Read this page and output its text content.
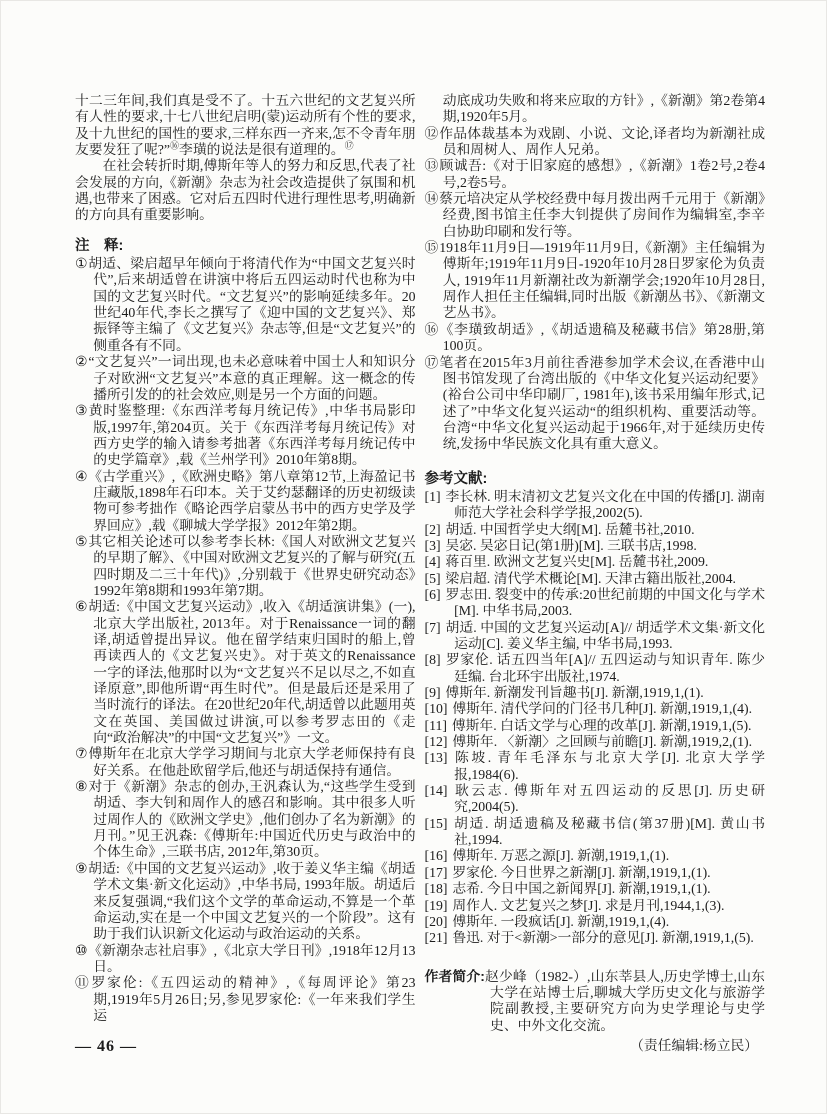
十二三年间,我们真是受不了。十五六世纪的文艺复兴所有人性的要求,十七八世纪启明(蒙)运动所有个性的要求,及十九世纪的国性的要求,三样东西一齐来,怎不令青年朋友要发狂了呢?”⑯李璜的说法是很有道理的。⑰

在社会转折时期,傅斯年等人的努力和反思,代表了社会发展的方向,《新潮》杂志为社会改造提供了氛围和机遇,也带来了困惑。它对后五四时代进行理性思考,明确新的方向具有重要影响。

注　释:

①胡适、梁启超早年倾向于将清代作为“中国文艺复兴时代”,后来胡适曾在讲演中将后五四运动时代也称为中国的文艺复兴时代。“文艺复兴”的影响延续多年。20世纪40年代,李长之撰写了《迎中国的文艺复兴》、郑振铎等主编了《文艺复兴》杂志等,但是“文艺复兴”的侧重各有不同。

②“文艺复兴”一词出现,也未必意味着中国士人和知识分子对欧洲“文艺复兴”本意的真正理解。这一概念的传播所引发的的社会效应,则是另一个方面的问题。

③黄时鉴整理:《东西洋考每月统记传》,中华书局影印版,1997年,第204页。关于《东西洋考每月统记传》对西方史学的输入请参考拙著《东西洋考每月统记传中的史学篇章》,载《兰州学刊》2010年第8期。

④《古学重兴》,《欧洲史略》第八章第12节,上海盈记书庄藏版,1898年石印本。关于艾约瑟翻译的历史初级读物可参考拙作《略论西学启蒙丛书中的西方史学及学界回应》,载《聊城大学学报》2012年第2期。

⑤其它相关论述可以参考李长林:《国人对欧洲文艺复兴的早期了解》、《中国对欧洲文艺复兴的了解与研究(五四时期及二三十年代)》,分别载于《世界史研究动态》1992年第8期和1993年第7期。

⑥胡适:《中国文艺复兴运动》,收入《胡适演讲集》(一),北京大学出版社, 2013年。对于Renaissance一词的翻译,胡适曾提出异议。他在留学结束归国时的船上,曾再读西人的《文艺复兴史》。对于英文的Renaissance一字的译法,他那时以为“文艺复兴不足以尽之,不如直译原意”,即他所谓“再生时代”。但是最后还是采用了当时流行的译法。在20世纪20年代,胡适曾以此题用英文在英国、美国做过讲演,可以参考罗志田的《走向“政治解决”的中国“文艺复兴”》一文。

⑦傅斯年在北京大学学习期间与北京大学老师保持有良好关系。在他赴欧留学后,他还与胡适保持有通信。

⑧对于《新潮》杂志的创办,王汎森认为,“这些学生受到胡适、李大钊和周作人的感召和影响。其中很多人听过周作人的《欧洲文学史》,他们创办了名为新潮》的月刊。”见王汎森:《傅斯年:中国近代历史与政治中的个体生命》,三联书店, 2012年,第30页。

⑨胡适:《中国的文艺复兴运动》,收于姜义华主编《胡适学术文集·新文化运动》,中华书局, 1993年版。胡适后来反复强调,“我们这个文学的革命运动,不算是一个革命运动,实在是一个中国文艺复兴的一个阶段”。这有助于我们认识新文化运动与政治运动的关系。

⑩《新潮杂志社启事》,《北京大学日刊》,1918年12月13日。

⑪罗家伦:《五四运动的精神》,《每周评论》第23期,1919年5月26日;另,参见罗家伦:《一年来我们学生运

动底成功失败和将来应取的方针》,《新潮》第2卷第4期,1920年5月。

⑫作品体裁基本为戏剧、小说、文论,译者均为新潮社成员和周树人、周作人兄弟。

⑬顾诚吾:《对于旧家庭的感想》,《新潮》1卷2号,2卷4号,2卷5号。

⑭蔡元培决定从学校经费中每月拨出两千元用于《新潮》经费,图书馆主任李大钊提供了房间作为编辑室,李辛白协助印刷和发行等。

⑮1918年11月9日—1919年11月9日,《新潮》主任编辑为傅斯年;1919年11月9日-1920年10月28日罗家伦为负责人, 1919年11月新潮社改为新潮学会;1920年10月28日,周作人担任主任编辑,同时出版《新潮丛书》、《新潮文艺丛书》。

⑯《李璜致胡适》,《胡适遗稿及秘藏书信》第28册,第100页。

⑰笔者在2015年3月前往香港参加学术会议,在香港中山图书馆发现了台湾出版的《中华文化复兴运动纪要》(裕台公司中华印刷厂, 1981年),该书采用编年形式,记述了”中华文化复兴运动“的组织机构、重要活动等。台湾“中华文化复兴运动起于1966年,对于延续历史传统,发扬中华民族文化具有重大意义。

参考文献:

[1] 李长林. 明末清初文艺复兴文化在中国的传播[J]. 湖南师范大学社会科学学报,2002(5).

[2] 胡适. 中国哲学史大纲[M]. 岳麓书社,2010.

[3] 吴宓. 吴宓日记(第1册)[M]. 三联书店,1998.

[4] 蒋百里. 欧洲文艺复兴史[M]. 岳麓书社,2009.

[5] 梁启超. 清代学术概论[M]. 天津古籍出版社,2004.

[6] 罗志田. 裂变中的传承:20世纪前期的中国文化与学术[M]. 中华书局,2003.

[7] 胡适. 中国的文艺复兴运动[A]// 胡适学术文集·新文化运动[C]. 姜义华主编, 中华书局,1993.

[8] 罗家伦. 话五四当年[A]// 五四运动与知识青年. 陈少廷编. 台北环宇出版社,1974.

[9] 傅斯年. 新潮发刊旨趣书[J]. 新潮,1919,1,(1).

[10] 傅斯年. 清代学问的门径书几种[J]. 新潮,1919,1,(4).

[11] 傅斯年. 白话文学与心理的改革[J]. 新潮,1919,1,(5).

[12] 傅斯年. 〈新潮〉之回顾与前瞻[J]. 新潮,1919,2,(1).

[13] 陈坡. 青年毛泽东与北京大学[J]. 北京大学学报,1984(6).

[14] 耿云志. 傅斯年对五四运动的反思[J]. 历史研究,2004(5).

[15] 胡适. 胡适遗稿及秘藏书信(第37册)[M]. 黄山书社,1994.

[16] 傅斯年. 万恶之源[J]. 新潮,1919,1,(1).

[17] 罗家伦. 今日世界之新潮[J]. 新潮,1919,1,(1).

[18] 志希. 今日中国之新闻界[J]. 新潮,1919,1,(1).

[19] 周作人. 文艺复兴之梦[J]. 求是月刊,1944,1,(3).

[20] 傅斯年. 一段疯话[J]. 新潮,1919,1,(4).

[21] 鲁迅. 对于<新潮>一部分的意见[J]. 新潮,1919,1,(5).

作者简介:赵少峰（1982-）,山东莘县人,历史学博士,山东大学在站博士后,聊城大学历史文化与旅游学院副教授,主要研究方向为史学理论与史学史、中外文化交流。
（责任编辑:杨立民）
— 46 —
